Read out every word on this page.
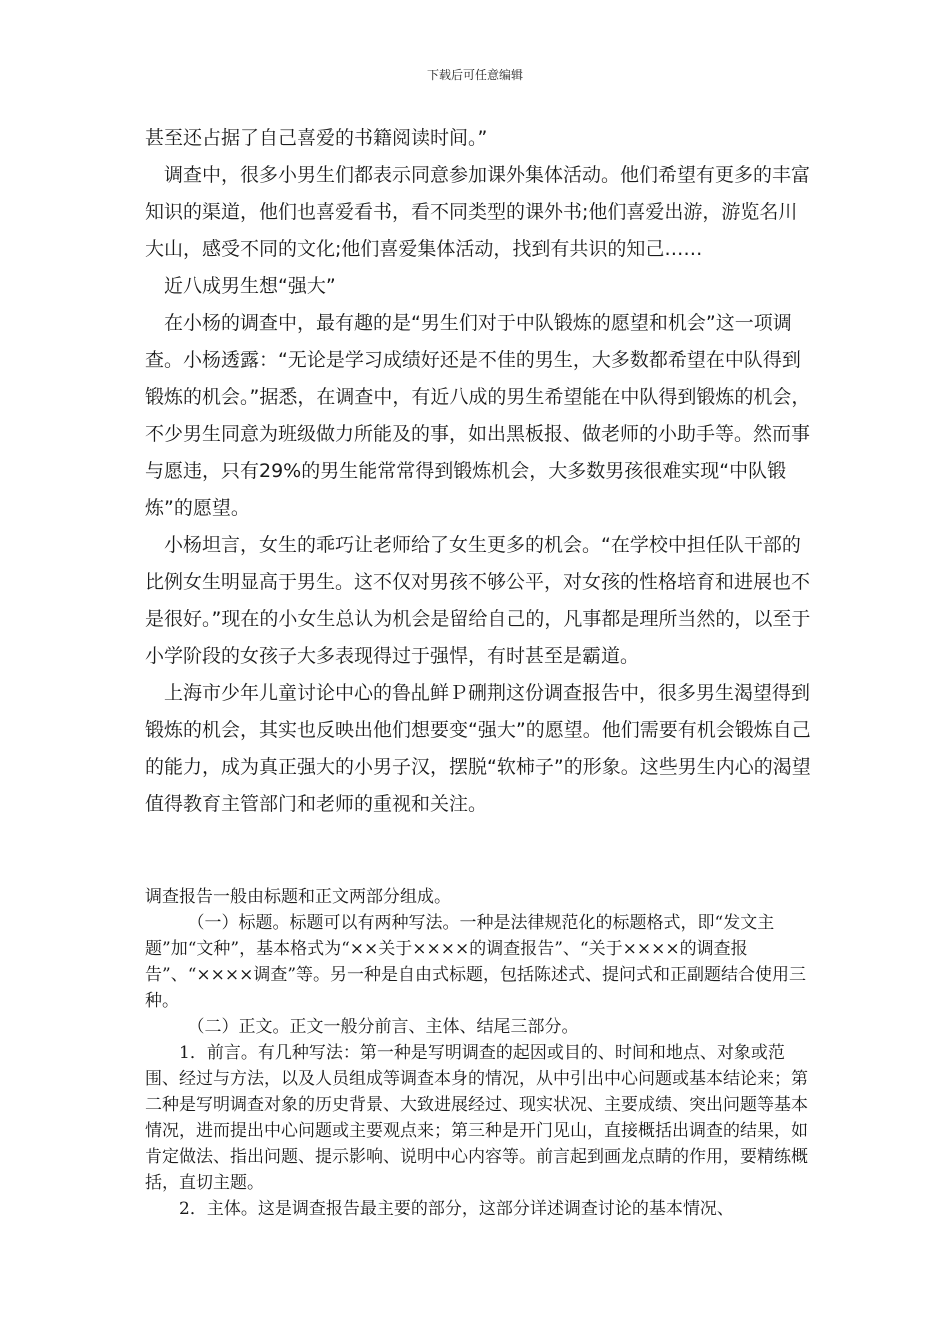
下载后可任意编辑

甚至还占据了自己喜爱的书籍阅读时间。”

调查中，很多小男生们都表示同意参加课外集体活动。他们希望有更多的丰富知识的渠道，他们也喜爱看书，看不同类型的课外书;他们喜爱出游，游览名川大山，感受不同的文化;他们喜爱集体活动，找到有共识的知己……

近八成男生想“强大”

在小杨的调查中，最有趣的是“男生们对于中队锻炼的愿望和机会”这一项调查。小杨透露：“无论是学习成绩好还是不佳的男生，大多数都希望在中队得到锻炼的机会。”据悉，在调查中，有近八成的男生希望能在中队得到锻炼的机会，不少男生同意为班级做力所能及的事，如出黑板报、做老师的小助手等。然而事与愿违，只有29%的男生能常常得到锻炼机会，大多数男孩很难实现“中队锻炼”的愿望。

小杨坦言，女生的乖巧让老师给了女生更多的机会。“在学校中担任队干部的比例女生明显高于男生。这不仅对男孩不够公平，对女孩的性格培育和进展也不是很好。”现在的小女生总认为机会是留给自己的，凡事都是理所当然的，以至于小学阶段的女孩子大多表现得过于强悍，有时甚至是霸道。

上海市少年儿童讨论中心的鲁乩鲜Ｐ硎荆这份调查报告中，很多男生渴望得到锻炼的机会，其实也反映出他们想要变“强大”的愿望。他们需要有机会锻炼自己的能力，成为真正强大的小男子汉，摆脱“软柿子”的形象。这些男生内心的渴望值得教育主管部门和老师的重视和关注。

调查报告一般由标题和正文两部分组成。

（一）标题。标题可以有两种写法。一种是法律规范化的标题格式，即“发文主题”加“文种”，基本格式为“××关于××××的调查报告”、“关于××××的调查报告”、“××××调查”等。另一种是自由式标题，包括陈述式、提问式和正副题结合使用三种。

（二）正文。正文一般分前言、主体、结尾三部分。

1．前言。有几种写法：第一种是写明调查的起因或目的、时间和地点、对象或范围、经过与方法，以及人员组成等调查本身的情况，从中引出中心问题或基本结论来；第二种是写明调查对象的历史背景、大致进展经过、现实状况、主要成绩、突出问题等基本情况，进而提出中心问题或主要观点来；第三种是开门见山，直接概括出调查的结果，如肯定做法、指出问题、提示影响、说明中心内容等。前言起到画龙点睛的作用，要精练概括，直切主题。

2．主体。这是调查报告最主要的部分，这部分详述调查讨论的基本情况、
